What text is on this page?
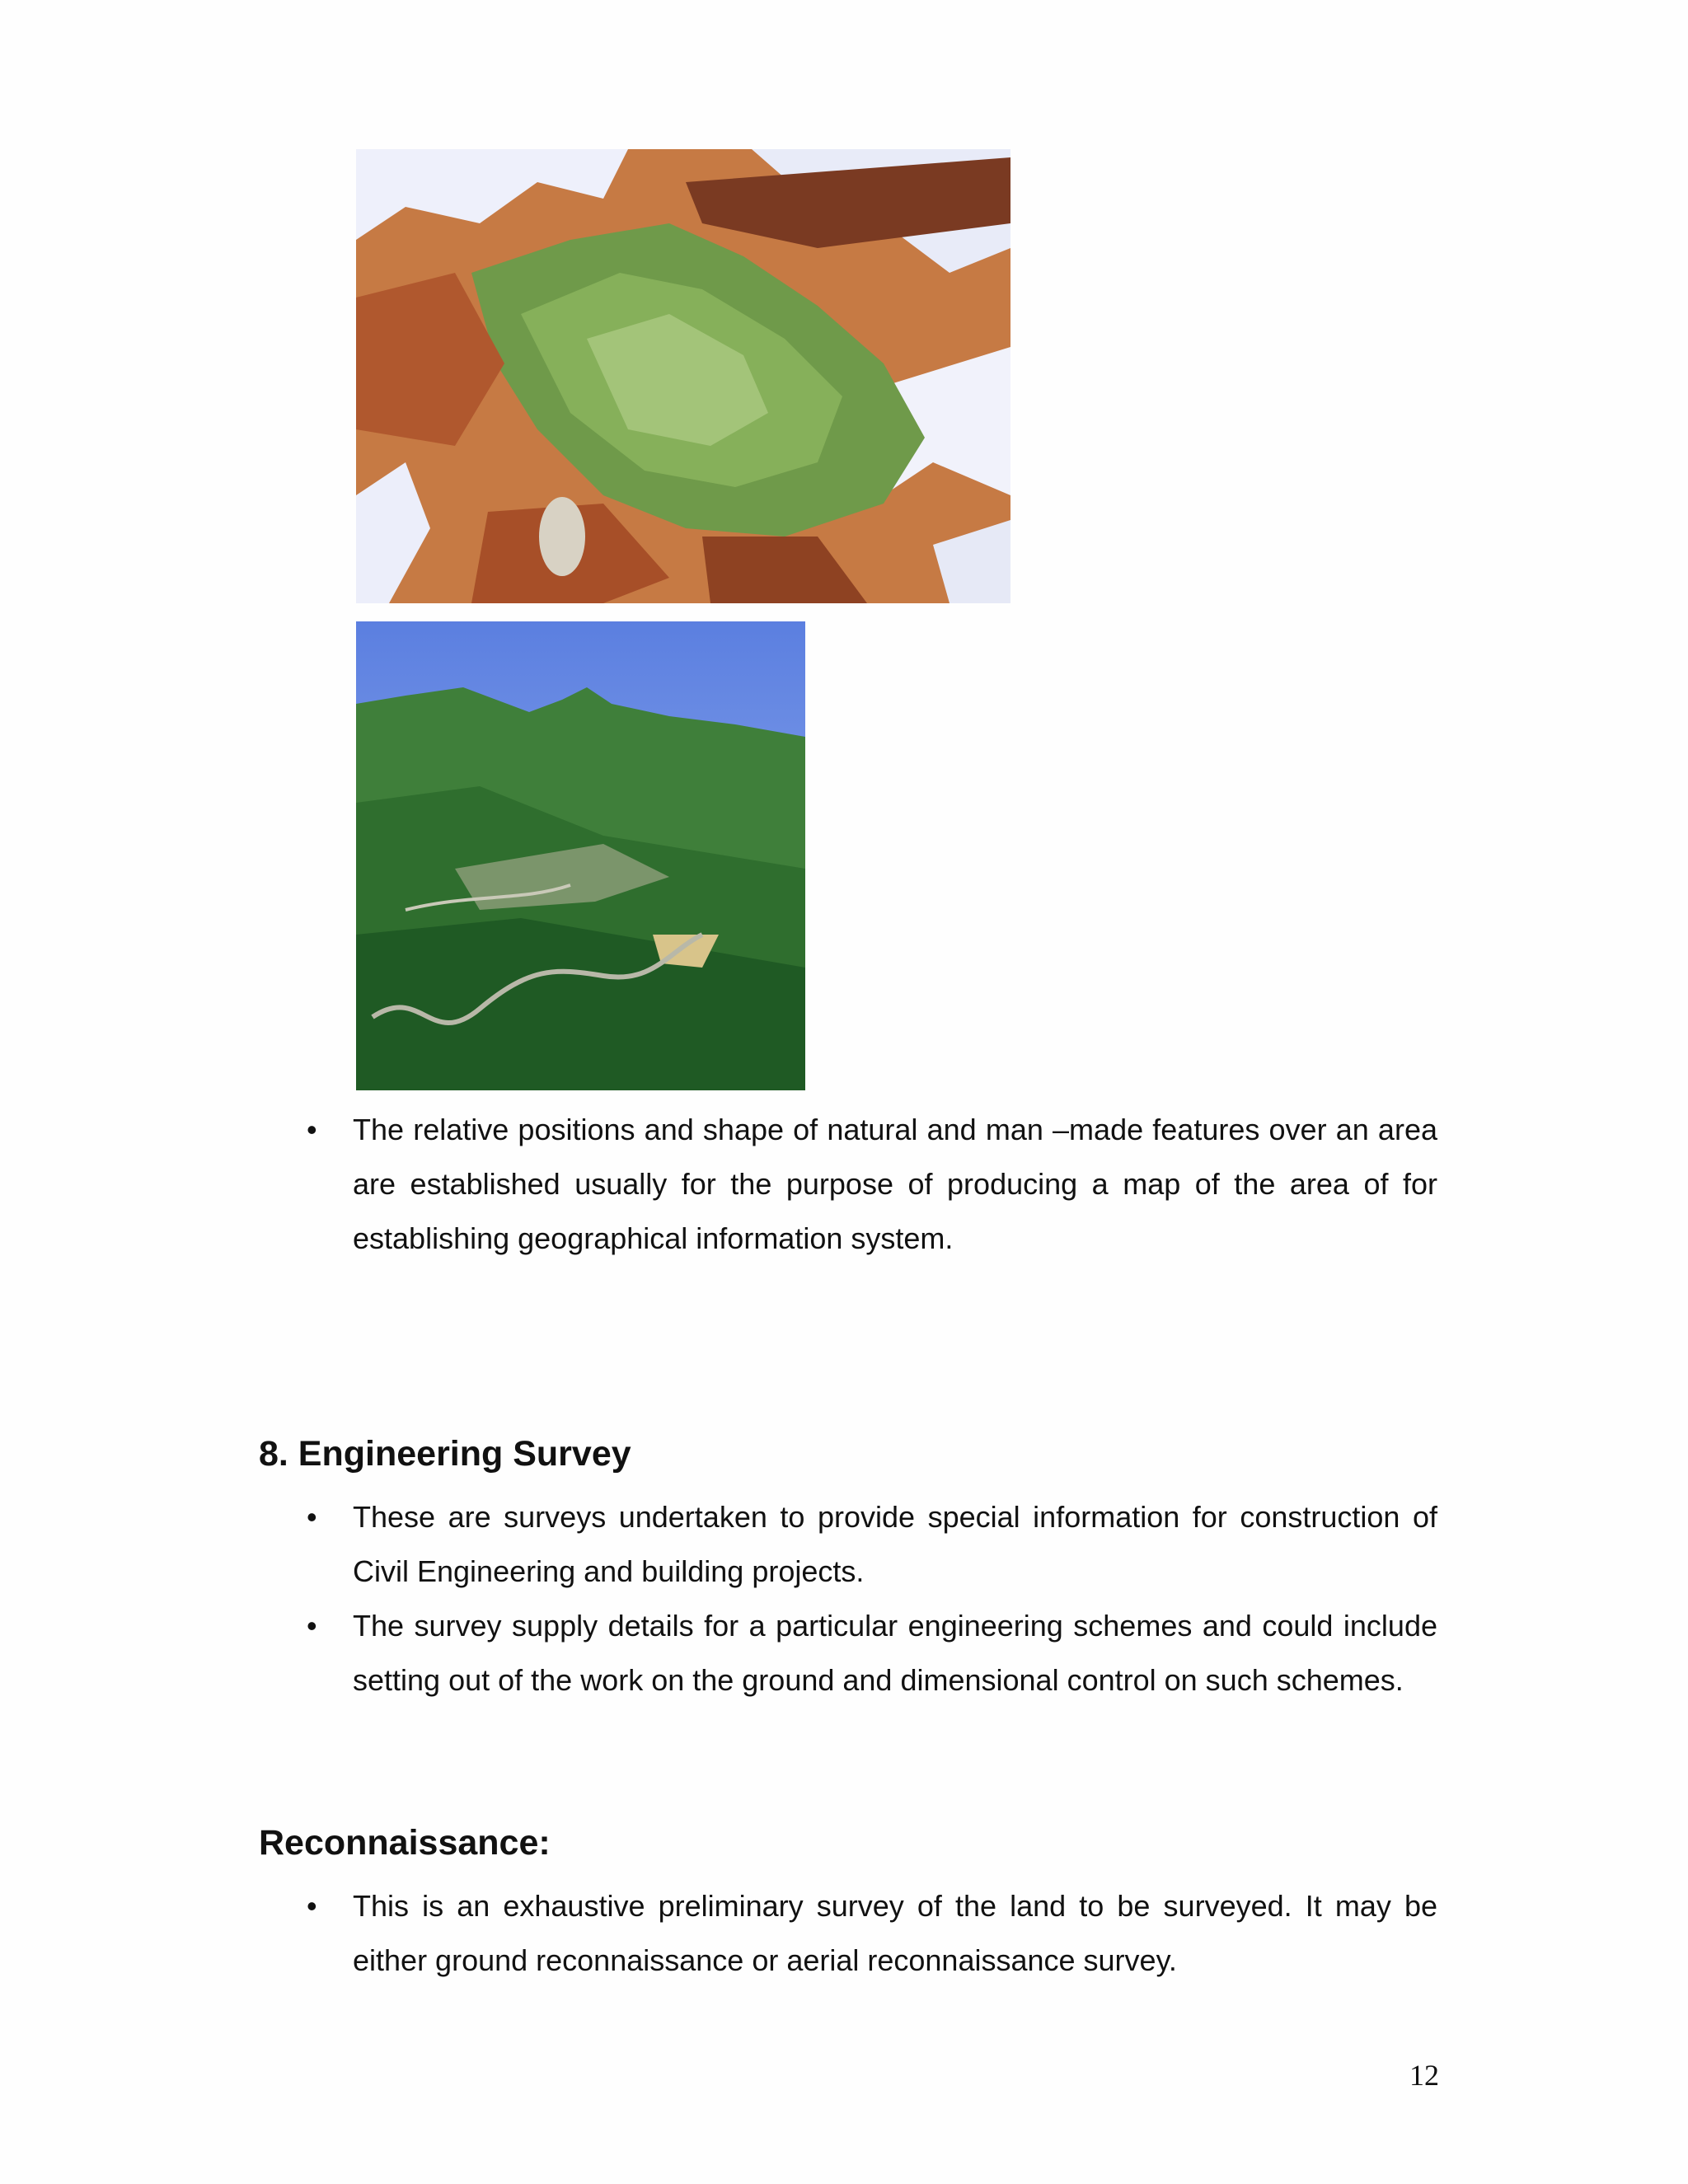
• The relative positions and shape of natural and man –made features over an area are established usually for the purpose of producing a map of the area of for establishing geographical information system.
8. Engineering Survey
• These are surveys undertaken to provide special information for construction of Civil Engineering and building projects.
• The survey supply details for a particular engineering schemes and could include setting out of the work on the ground and dimensional control on such schemes.
Reconnaissance:
• This is an exhaustive preliminary survey of the land to be surveyed. It may be either ground reconnaissance or aerial reconnaissance survey.
12
